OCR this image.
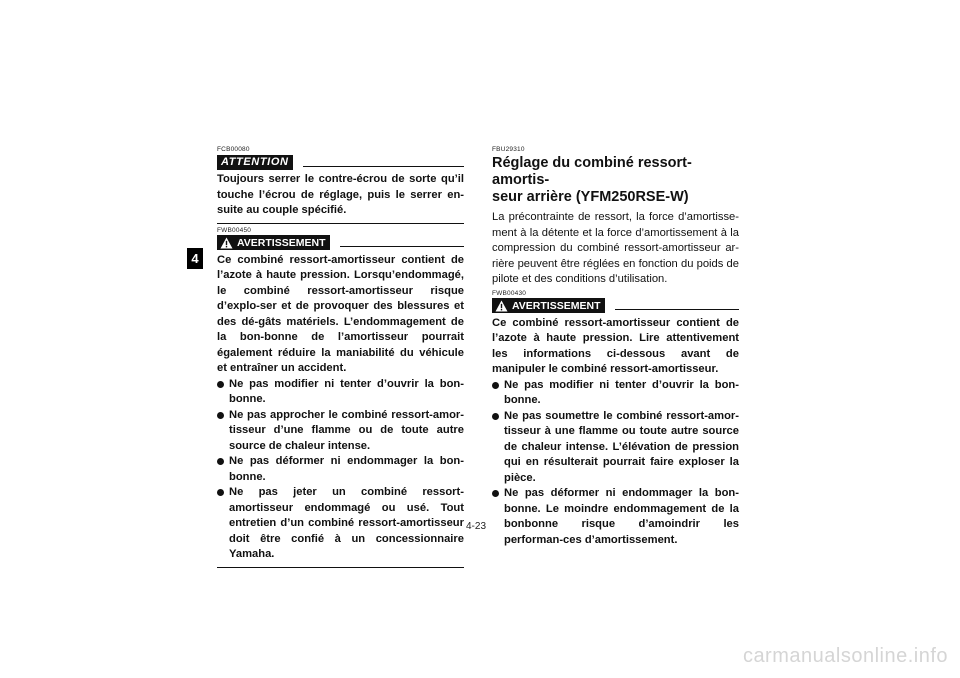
4
FCB00080
ATTENTION

Toujours serrer le contre-écrou de sorte qu’il touche l’écrou de réglage, puis le serrer en-suite au couple spécifié.

FWB00450
AVERTISSEMENT

Ce combiné ressort-amortisseur contient de l’azote à haute pression. Lorsqu’endommagé, le combiné ressort-amortisseur risque d’explo-ser et de provoquer des blessures et des dé-gâts matériels. L’endommagement de la bon-bonne de l’amortisseur pourrait également réduire la maniabilité du véhicule et entraîner un accident.

Ne pas modifier ni tenter d’ouvrir la bon-bonne.
Ne pas approcher le combiné ressort-amor-tisseur d’une flamme ou de toute autre source de chaleur intense.
Ne pas déformer ni endommager la bon-bonne.
Ne pas jeter un combiné ressort-amortisseur endommagé ou usé. Tout entretien d’un combiné ressort-amortisseur doit être confié à un concessionnaire Yamaha.
FBU29310
Réglage du combiné ressort-amortis-
seur arrière (YFM250RSE-W)

La précontrainte de ressort, la force d’amortisse-ment à la détente et la force d’amortissement à la compression du combiné ressort-amortisseur ar-rière peuvent être réglées en fonction du poids de pilote et des conditions d’utilisation.

FWB00430
AVERTISSEMENT

Ce combiné ressort-amortisseur contient de l’azote à haute pression. Lire attentivement les informations ci-dessous avant de manipuler le combiné ressort-amortisseur.

Ne pas modifier ni tenter d’ouvrir la bon-bonne.
Ne pas soumettre le combiné ressort-amor-tisseur à une flamme ou toute autre source de chaleur intense. L’élévation de pression qui en résulterait pourrait faire exploser la pièce.
Ne pas déformer ni endommager la bon-bonne. Le moindre endommagement de la bonbonne risque d’amoindrir les performan-ces d’amortissement.
4-23
carmanualsonline.info
